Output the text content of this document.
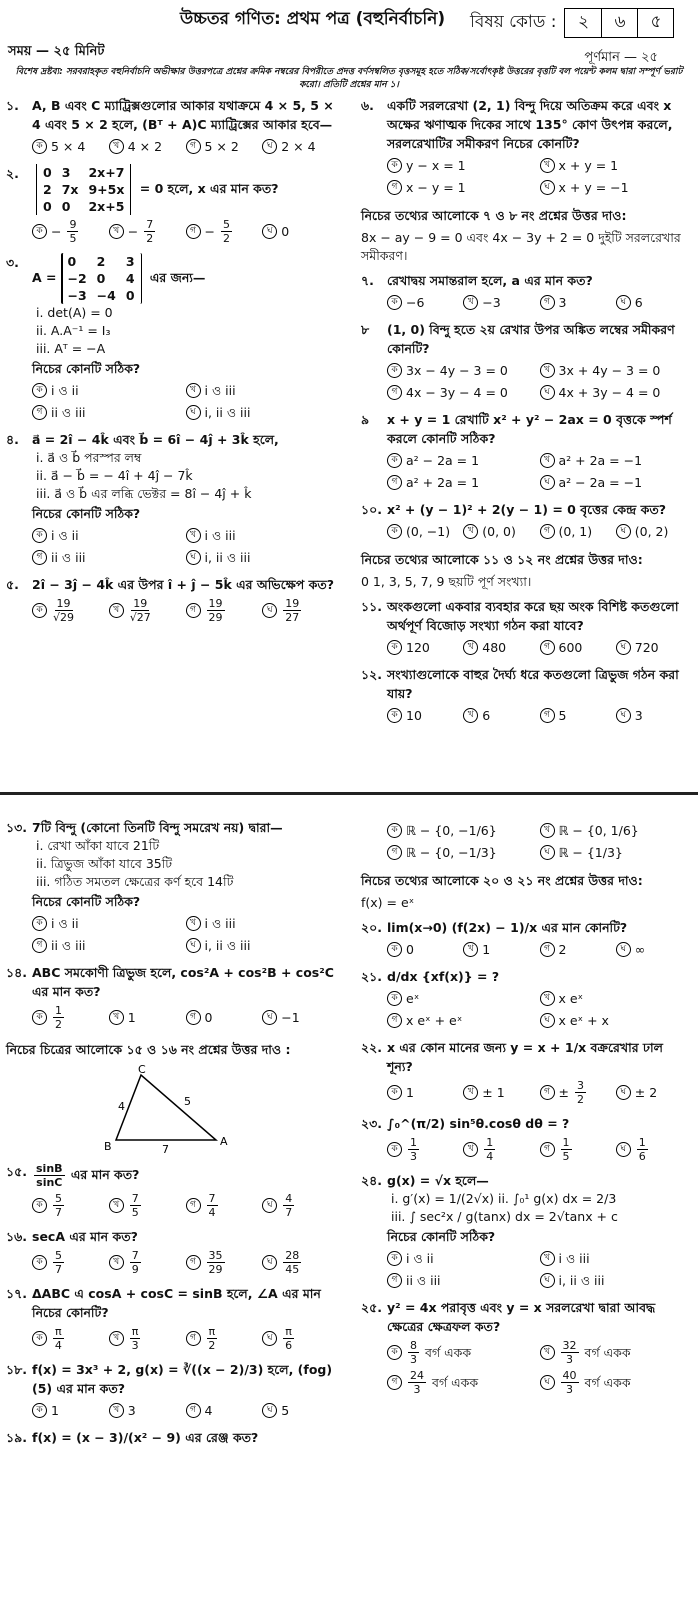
উচ্চতর গণিত: প্রথম পত্র (বহুনির্বাচনি) বিষয় কোড :	২	৬	৫
সময় — ২৫ মিনিট	পূর্ণমান — ২৫
বিশেষ দ্রষ্টব্য: সরবরাহকৃত বহুনির্বাচনি অভীক্ষার উত্তরপত্রে প্রশ্নের ক্রমিক নম্বরের বিপরীতে প্রদত্ত বর্ণসম্বলিত বৃত্তসমূহ হতে সঠিক/সর্বোৎকৃষ্ট উত্তরের বৃত্তটি বল পয়েন্ট কলম দ্বারা সম্পূর্ণ ভরাট করো। প্রতিটি প্রশ্নের মান ১।
১.	A, B এবং C ম্যাট্রিক্সগুলোর আকার যথাক্রমে 4 × 5, 5 × 4 এবং 5 × 2 হলে, (Bᵀ + A)C ম্যাট্রিক্সের আকার হবে—
ক 5 × 4	খ 4 × 2	গ 5 × 2	ঘ 2 × 4
২.	0 3	2x+7
2 7x 9+5x
0 0	2x+5
= 0 হলে, x এর মান কত?
ক − $\frac{9}{5}$	খ − $\frac{7}{2}$	গ − $\frac{5}{2}$	ঘ 0
৩.
A =
0	2	3
−2 0	4
−3 −4 0
এর জন্য—
i. det(A) = 0
ii. A.A⁻¹ = I₃
iii. Aᵀ = −A
নিচের কোনটি সঠিক?
ক i ও ii	খ i ও iii
গ ii ও iii	ঘ i, ii ও iii
৪.	a⃗ = 2î − 4k̂ এবং b⃗ = 6î − 4ĵ + 3k̂ হলে,
i. a⃗ ও b⃗ পরস্পর লম্ব
ii. a⃗ − b⃗ = − 4î + 4ĵ − 7k̂
iii. a⃗ ও b⃗ এর লব্ধি ভেক্টর = 8î − 4ĵ + k̂
নিচের কোনটি সঠিক?
ক i ও ii	খ i ও iii
গ ii ও iii	ঘ i, ii ও iii
৫.	2î − 3ĵ − 4k̂ এর উপর î + ĵ − 5k̂ এর অভিক্ষেপ কত?
ক $\frac{19}{√29}$	খ $\frac{19}{√27}$	গ $\frac{19}{29}$	ঘ $\frac{19}{27}$
৬.	একটি সরলরেখা (2, 1) বিন্দু দিয়ে অতিক্রম করে এবং x অক্ষের ঋণাত্মক দিকের সাথে 135° কোণ উৎপন্ন করলে, সরলরেখাটির সমীকরণ নিচের কোনটি?
ক y − x = 1	খ x + y = 1
গ x − y = 1	ঘ x + y = −1
নিচের তথ্যের আলোকে ৭ ও ৮ নং প্রশ্নের উত্তর দাও:
8x − ay − 9 = 0 এবং 4x − 3y + 2 = 0 দুইটি সরলরেখার সমীকরণ।
৭.	রেখাদ্বয় সমান্তরাল হলে, a এর মান কত?
ক −6	খ −3	গ 3	ঘ 6
৮	(1, 0) বিন্দু হতে ২য় রেখার উপর অঙ্কিত লম্বের সমীকরণ কোনটি?
ক 3x − 4y − 3 = 0	খ 3x + 4y − 3 = 0
গ 4x − 3y − 4 = 0	ঘ 4x + 3y − 4 = 0
৯	x + y = 1 রেখাটি x² + y² − 2ax = 0 বৃত্তকে স্পর্শ করলে কোনটি সঠিক?
ক a² − 2a = 1	খ a² + 2a = −1
গ a² + 2a = 1	ঘ a² − 2a = −1
১০. x² + (y − 1)² + 2(y − 1) = 0 বৃত্তের কেন্দ্র কত?
ক (0, −1)	খ (0, 0)	গ (0, 1)	ঘ (0, 2)
নিচের তথ্যের আলোকে ১১ ও ১২ নং প্রশ্নের উত্তর দাও:
0 1, 3, 5, 7, 9 ছয়টি পূর্ণ সংখ্যা।
১১. অংকগুলো একবার ব্যবহার করে ছয় অংক বিশিষ্ট কতগুলো অর্থপূর্ণ বিজোড় সংখ্যা গঠন করা যাবে?
ক 120	খ 480	গ 600	ঘ 720
১২. সংখ্যাগুলোকে বাহুর দৈর্ঘ্য ধরে কতগুলো ত্রিভুজ গঠন করা যায়?
ক 10	খ 6	গ 5	ঘ 3
১৩. 7টি বিন্দু (কোনো তিনটি বিন্দু সমরেখ নয়) দ্বারা—
i. রেখা আঁকা যাবে 21টি
ii. ত্রিভুজ আঁকা যাবে 35টি
iii. গঠিত সমতল ক্ষেত্রের কর্ণ হবে 14টি
নিচের কোনটি সঠিক?
ক i ও ii	খ i ও iii
গ ii ও iii	ঘ i, ii ও iii
১৪. ABC সমকোণী ত্রিভুজ হলে, cos²A + cos²B + cos²C এর মান কত?
ক $\frac{1}{2}$	খ 1	গ 0	ঘ −1
নিচের চিত্রের আলোকে ১৫ ও ১৬ নং প্রশ্নের উত্তর দাও :
C
B	A
4	5
7
১৫. $\frac{\sin B}{\sin C}$ এর মান কত?
ক $\frac{5}{7}$	খ $\frac{7}{5}$	গ $\frac{7}{4}$	ঘ $\frac{4}{7}$
১৬. secA এর মান কত?
ক $\frac{5}{7}$	খ $\frac{7}{9}$	গ $\frac{35}{29}$	ঘ $\frac{28}{45}$
১৭. ΔABC এ cosA + cosC = sinB হলে, ∠A এর মান নিচের কোনটি?
ক $\frac{\pi}{4}$	খ $\frac{\pi}{3}$	গ $\frac{\pi}{2}$	ঘ $\frac{\pi}{6}$
১৮. f(x) = 3x³ + 2, g(x) = ∛((x − 2)/3) হলে, (fog) (5) এর মান কত?
ক 1	খ 3	গ 4	ঘ 5
১৯. f(x) = (x − 3)/(x² − 9) এর রেঞ্জ কত?
ক ℝ − {0, −1/6}	খ ℝ − {0, 1/6}
গ ℝ − {0, −1/3}	ঘ ℝ − {1/3}
নিচের তথ্যের আলোকে ২০ ও ২১ নং প্রশ্নের উত্তর দাও:
f(x) = eˣ
২০. lim(x→0) (f(2x) − 1)/x এর মান কোনটি?
ক 0	খ 1	গ 2	ঘ ∞
২১. d/dx {xf(x)} = ?
ক eˣ	খ x eˣ
গ x eˣ + eˣ	ঘ x eˣ + x
২২. x এর কোন মানের জন্য y = x + 1/x বক্ররেখার ঢাল শূন্য?
ক 1	খ ± 1	গ ± $\frac{3}{2}$	ঘ ± 2
২৩. ∫₀^(π/2) sin⁵θ.cosθ dθ = ?
ক $\frac{1}{3}$	খ $\frac{1}{4}$	গ $\frac{1}{5}$	ঘ $\frac{1}{6}$
২৪. g(x) = √x হলে—
i. g′(x) = 1/(2√x) ii. ∫₀¹ g(x) dx = 2/3
iii. ∫ sec²x / g(tanx) dx = 2√tanx + c
নিচের কোনটি সঠিক?
ক i ও ii	খ i ও iii
গ ii ও iii	ঘ i, ii ও iii
২৫. y² = 4x পরাবৃত্ত এবং y = x সরলরেখা দ্বারা আবদ্ধ ক্ষেত্রের ক্ষেত্রফল কত?
ক $\frac{8}{3}$ বর্গ একক	খ $\frac{32}{3}$ বর্গ একক
গ $\frac{24}{3}$ বর্গ একক	ঘ $\frac{40}{3}$ বর্গ একক
